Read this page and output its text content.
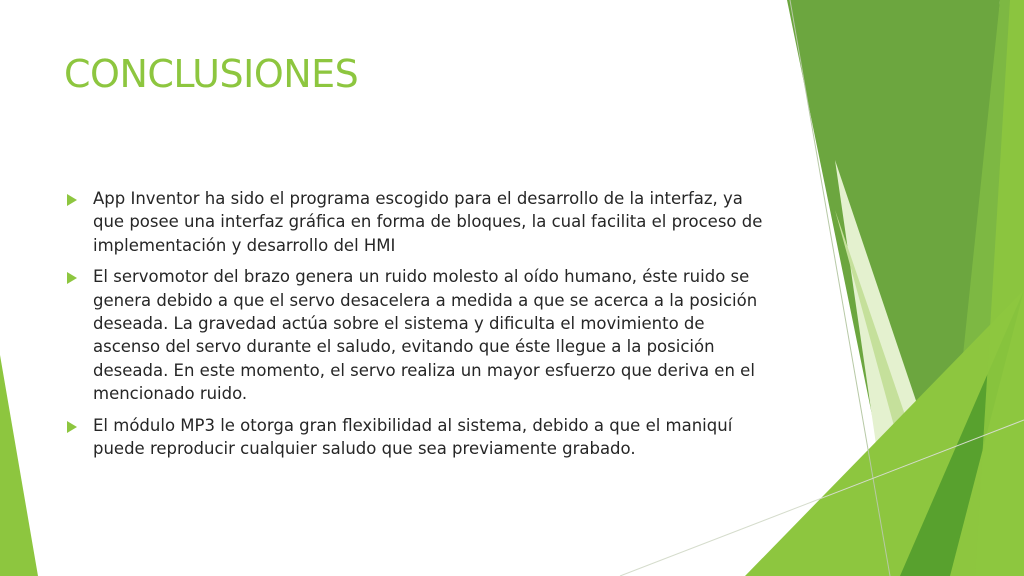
CONCLUSIONES
App Inventor ha sido el programa escogido para el desarrollo de la interfaz, ya que posee una interfaz gráfica en forma de bloques, la cual facilita el proceso de implementación y desarrollo del HMI
El servomotor del brazo genera un ruido molesto al oído humano, éste ruido se genera debido a que el servo desacelera a medida a que se acerca a la posición deseada. La gravedad actúa sobre el sistema y dificulta el movimiento de ascenso del servo durante el saludo, evitando que éste llegue a la posición deseada. En este momento, el servo realiza un mayor esfuerzo que deriva en el mencionado ruido.
El módulo MP3 le otorga gran flexibilidad al sistema, debido a que el maniquí puede reproducir cualquier saludo que sea previamente grabado.
